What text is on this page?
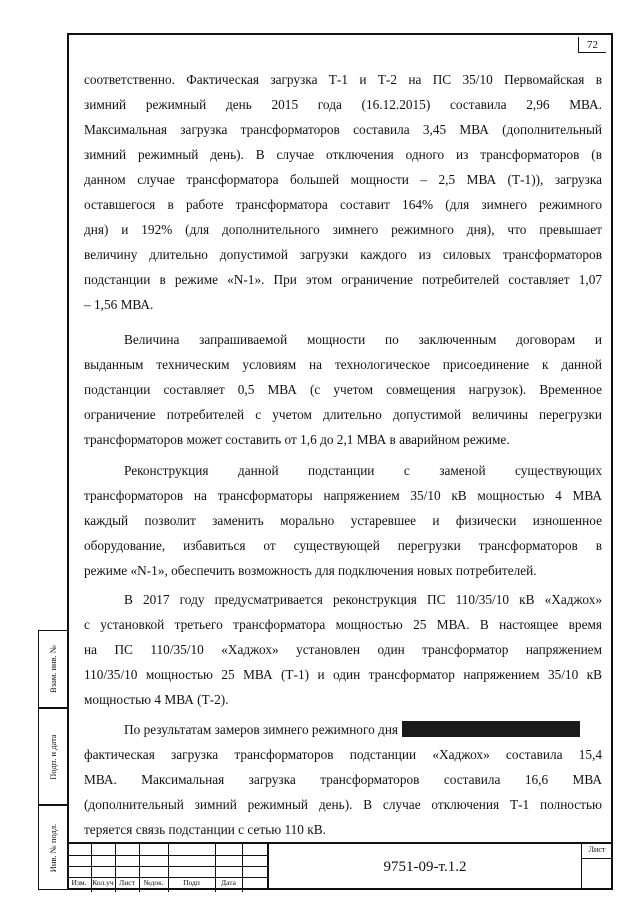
72
Взам. инв. №
Подп. и дата
Инв. № подл.
соответственно. Фактическая загрузка Т-1 и Т-2 на ПС 35/10 Первомайская в
зимний режимный день 2015 года (16.12.2015) составила 2,96 МВА.
Максимальная загрузка трансформаторов составила 3,45 МВА (дополнительный
зимний режимный день). В случае отключения одного из трансформаторов (в
данном случае трансформатора большей мощности – 2,5 МВА (Т-1)), загрузка
оставшегося в работе трансформатора составит 164% (для зимнего режимного
дня) и 192% (для дополнительного зимнего режимного дня), что превышает
величину длительно допустимой загрузки каждого из силовых трансформаторов
подстанции в режиме «N-1». При этом ограничение потребителей составляет 1,07
– 1,56 МВА.
Величина запрашиваемой мощности по заключенным договорам и
выданным техническим условиям на технологическое присоединение к данной
подстанции составляет 0,5 МВА (с учетом совмещения нагрузок). Временное
ограничение потребителей с учетом длительно допустимой величины перегрузки
трансформаторов может составить от 1,6 до 2,1 МВА в аварийном режиме.
Реконструкция данной подстанции с заменой существующих
трансформаторов на трансформаторы напряжением 35/10 кВ мощностью 4 МВА
каждый позволит заменить морально устаревшее и физически изношенное
оборудование, избавиться от существующей перегрузки трансформаторов в
режиме «N-1», обеспечить возможность для подключения новых потребителей.
В 2017 году предусматривается реконструкция ПС 110/35/10 кВ «Хаджох»
с установкой третьего трансформатора мощностью 25 МВА. В настоящее время
на ПС 110/35/10 «Хаджох» установлен один трансформатор напряжением
110/35/10 мощностью 25 МВА (Т-1) и один трансформатор напряжением 35/10 кВ
мощностью 4 МВА (Т-2).
По результатам замеров зимнего режимного дня
фактическая загрузка трансформаторов подстанции «Хаджох» составила 15,4
МВА. Максимальная загрузка трансформаторов составила 16,6 МВА
(дополнительный зимний режимный день). В случае отключения Т-1 полностью
теряется связь подстанции с сетью 110 кВ.
Изм. Кол.уч Лист	№док.	Подп	Дата
9751-09-т.1.2
Лист
